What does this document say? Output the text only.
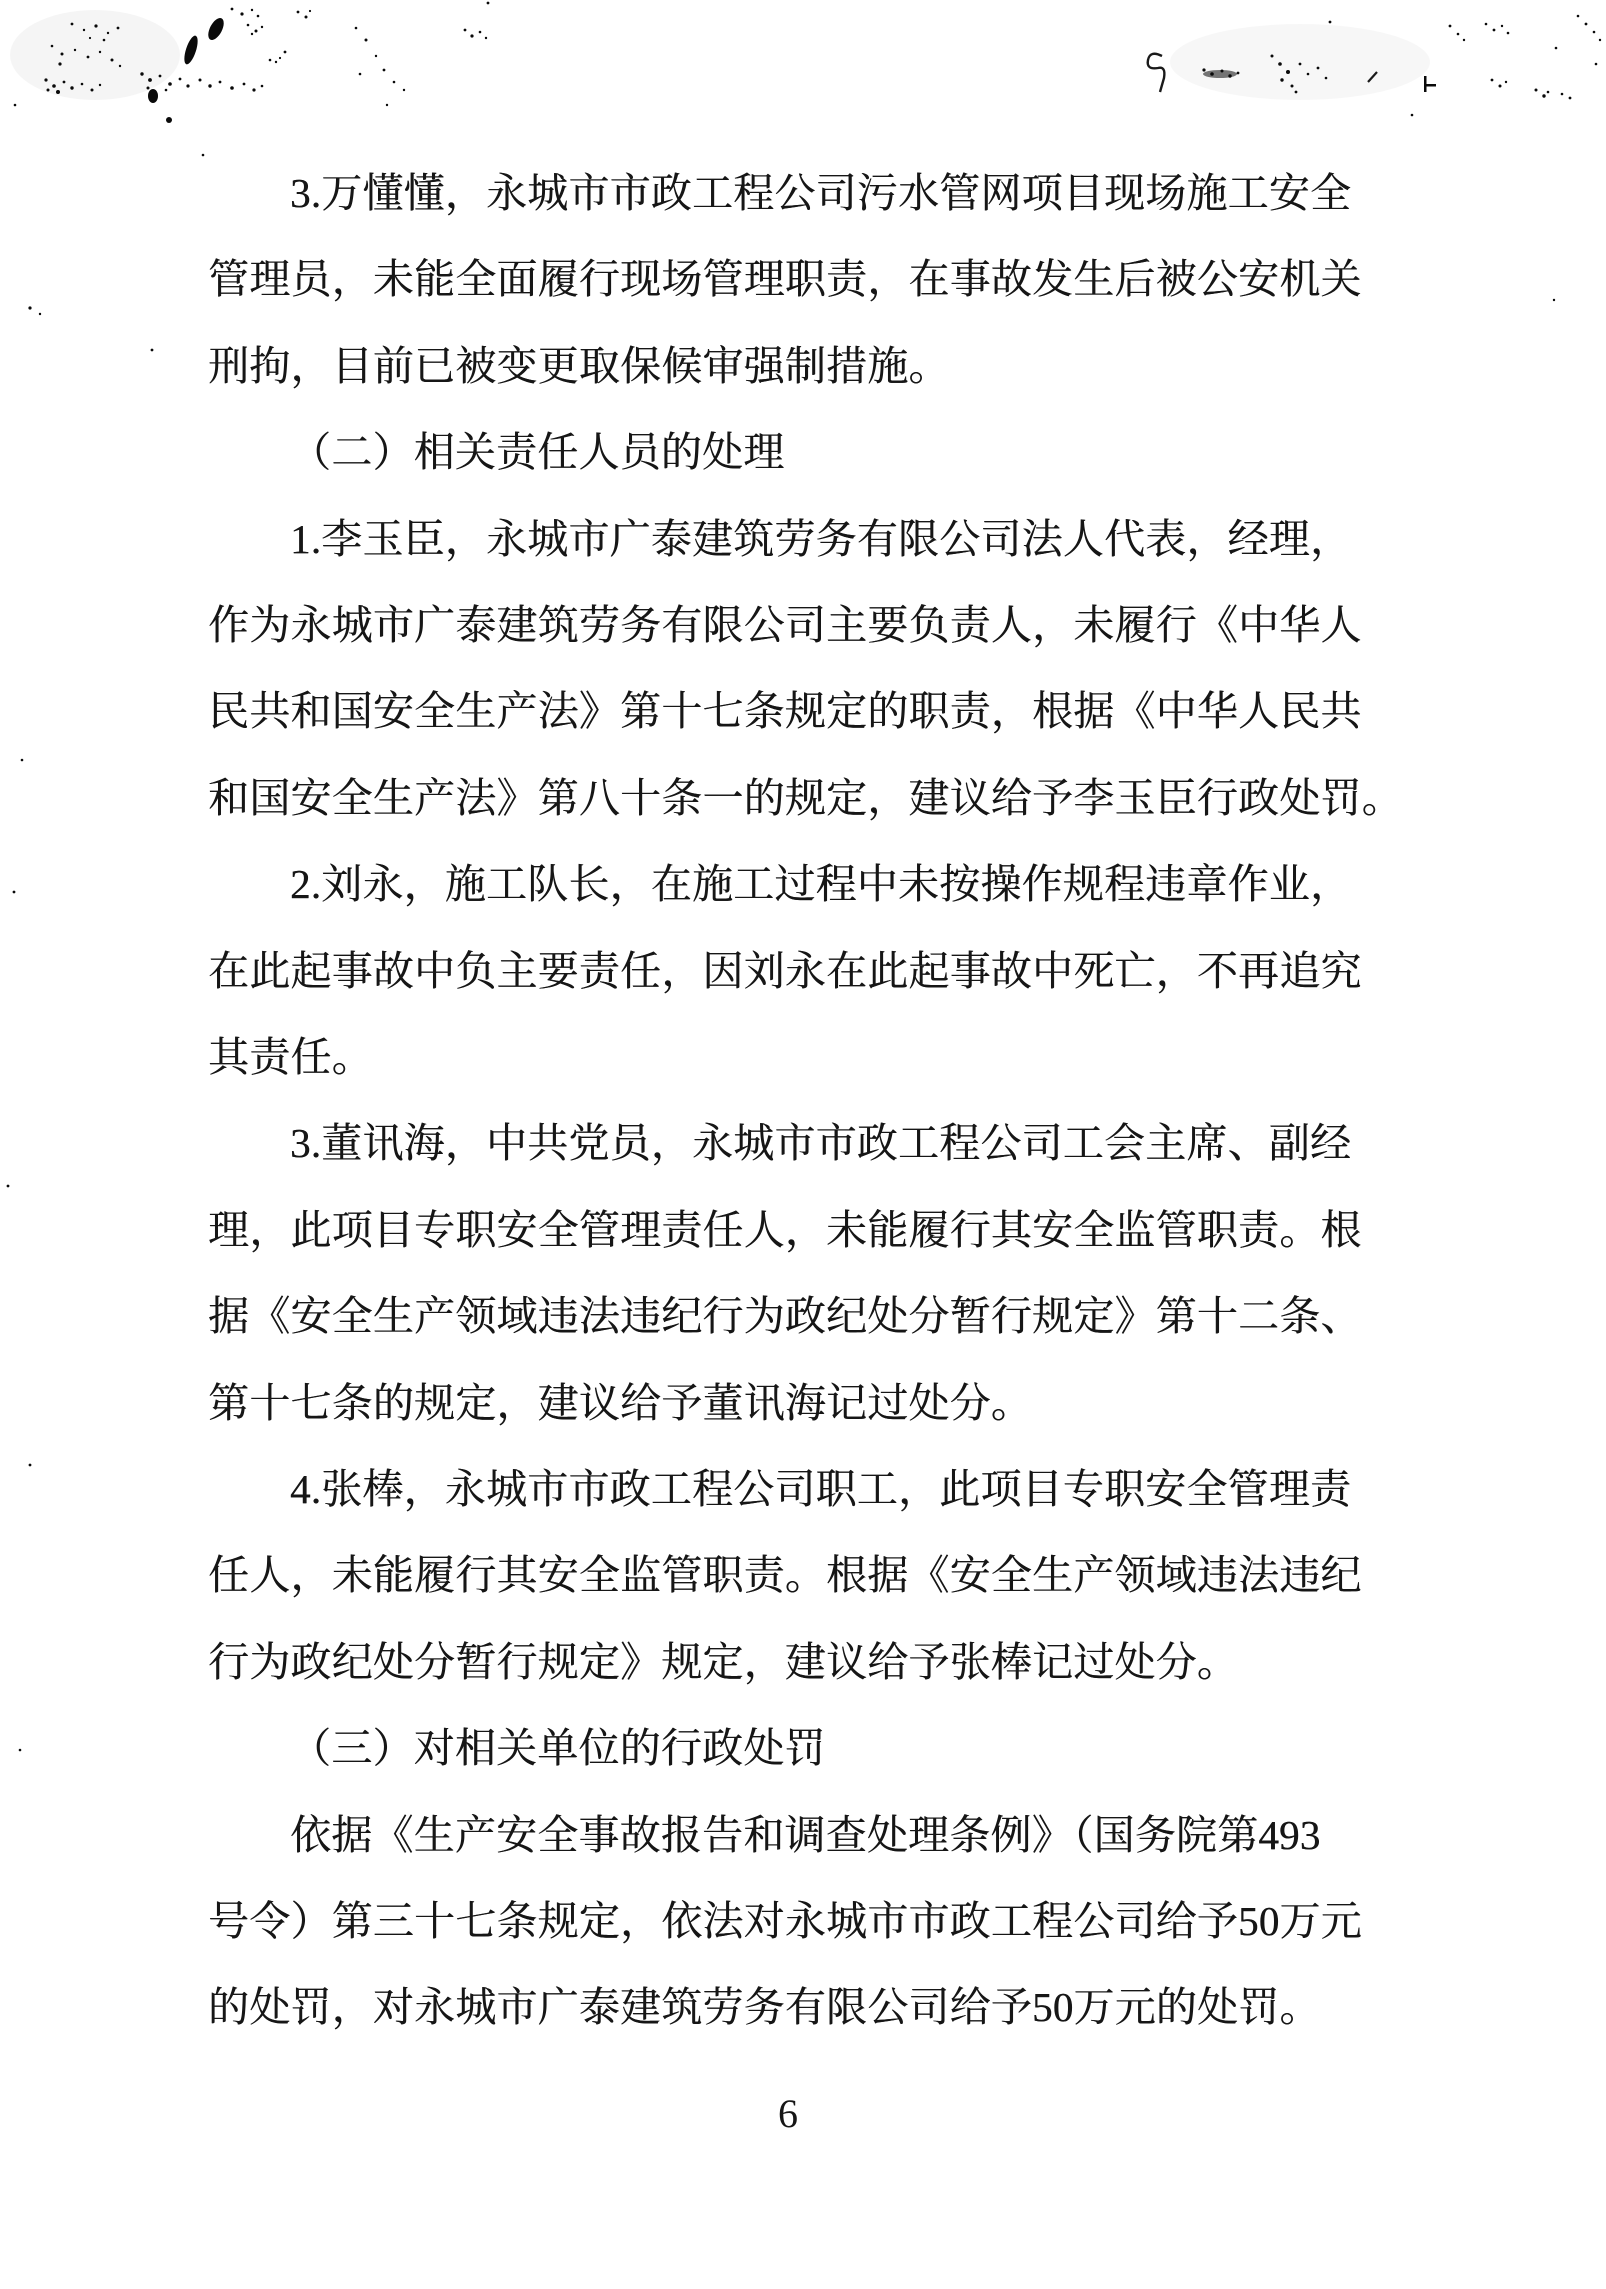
3.万懂懂，永城市市政工程公司污水管网项目现场施工安全
管理员，未能全面履行现场管理职责，在事故发生后被公安机关
刑拘，目前已被变更取保候审强制措施。
（二）相关责任人员的处理
1.李玉臣，永城市广泰建筑劳务有限公司法人代表，经理，
作为永城市广泰建筑劳务有限公司主要负责人，未履行《中华人
民共和国安全生产法》第十七条规定的职责，根据《中华人民共
和国安全生产法》第八十条一的规定，建议给予李玉臣行政处罚。
2.刘永，施工队长，在施工过程中未按操作规程违章作业，
在此起事故中负主要责任，因刘永在此起事故中死亡，不再追究
其责任。
3.董讯海，中共党员，永城市市政工程公司工会主席、副经
理，此项目专职安全管理责任人，未能履行其安全监管职责。根
据《安全生产领域违法违纪行为政纪处分暂行规定》第十二条、
第十七条的规定，建议给予董讯海记过处分。
4.张棒，永城市市政工程公司职工，此项目专职安全管理责
任人，未能履行其安全监管职责。根据《安全生产领域违法违纪
行为政纪处分暂行规定》规定，建议给予张棒记过处分。
（三）对相关单位的行政处罚
依据《生产安全事故报告和调查处理条例》（国务院第493
号令）第三十七条规定，依法对永城市市政工程公司给予50万元
的处罚，对永城市广泰建筑劳务有限公司给予50万元的处罚。
6
